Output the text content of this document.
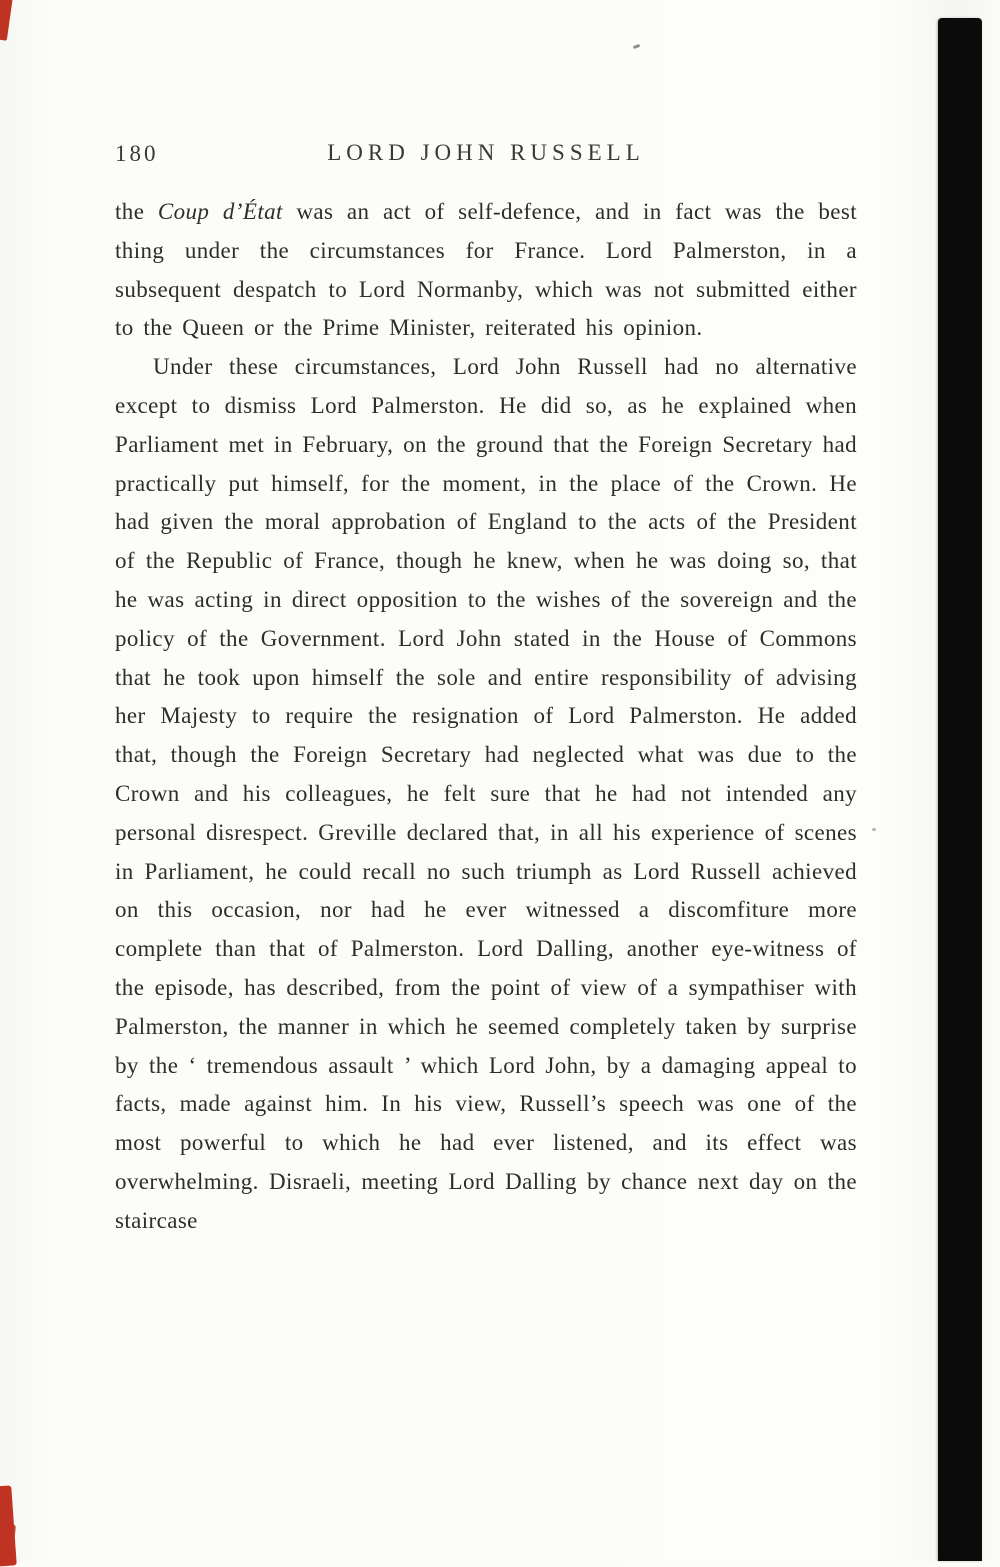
180	LORD JOHN RUSSELL

the Coup d’État was an act of self-defence, and in fact was the best thing under the circumstances for France. Lord Palmerston, in a subsequent despatch to Lord Normanby, which was not submitted either to the Queen or the Prime Minister, reiterated his opinion.

Under these circumstances, Lord John Russell had no alternative except to dismiss Lord Palmerston. He did so, as he explained when Parliament met in February, on the ground that the Foreign Secretary had practically put himself, for the moment, in the place of the Crown. He had given the moral approbation of England to the acts of the President of the Republic of France, though he knew, when he was doing so, that he was acting in direct opposition to the wishes of the sovereign and the policy of the Government. Lord John stated in the House of Commons that he took upon himself the sole and entire responsibility of advising her Majesty to require the resignation of Lord Palmerston. He added that, though the Foreign Secretary had neglected what was due to the Crown and his colleagues, he felt sure that he had not intended any personal disrespect. Greville declared that, in all his experience of scenes in Parliament, he could recall no such triumph as Lord Russell achieved on this occasion, nor had he ever witnessed a discomfiture more complete than that of Palmerston. Lord Dalling, another eye-witness of the episode, has described, from the point of view of a sympathiser with Palmerston, the manner in which he seemed completely taken by surprise by the ‘ tremendous assault ’ which Lord John, by a damaging appeal to facts, made against him. In his view, Russell’s speech was one of the most powerful to which he had ever listened, and its effect was overwhelming. Disraeli, meeting Lord Dalling by chance next day on the staircase
